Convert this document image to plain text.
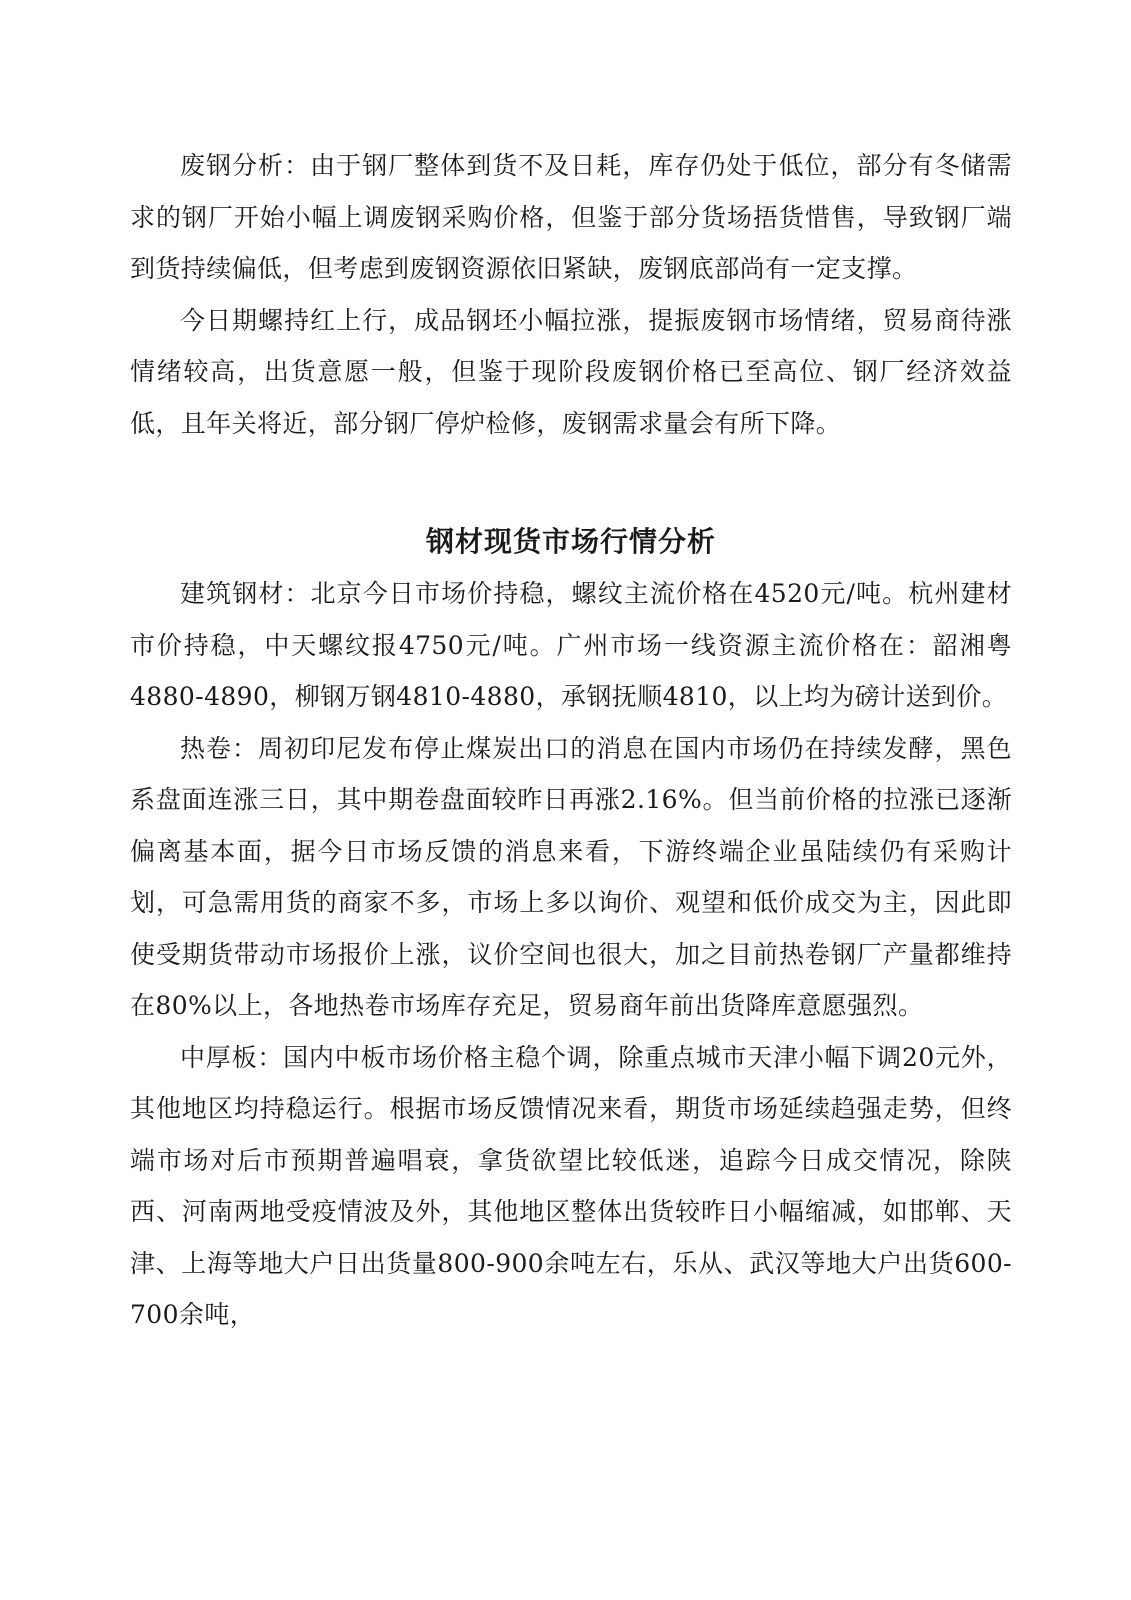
废钢分析：由于钢厂整体到货不及日耗，库存仍处于低位，部分有冬储需求的钢厂开始小幅上调废钢采购价格，但鉴于部分货场捂货惜售，导致钢厂端到货持续偏低，但考虑到废钢资源依旧紧缺，废钢底部尚有一定支撑。

今日期螺持红上行，成品钢坯小幅拉涨，提振废钢市场情绪，贸易商待涨情绪较高，出货意愿一般，但鉴于现阶段废钢价格已至高位、钢厂经济效益低，且年关将近，部分钢厂停炉检修，废钢需求量会有所下降。

钢材现货市场行情分析

建筑钢材：北京今日市场价持稳，螺纹主流价格在4520元/吨。杭州建材市价持稳，中天螺纹报4750元/吨。广州市场一线资源主流价格在：韶湘粤4880-4890，柳钢万钢4810-4880，承钢抚顺4810，以上均为磅计送到价。

热卷：周初印尼发布停止煤炭出口的消息在国内市场仍在持续发酵，黑色系盘面连涨三日，其中期卷盘面较昨日再涨2.16%。但当前价格的拉涨已逐渐偏离基本面，据今日市场反馈的消息来看，下游终端企业虽陆续仍有采购计划，可急需用货的商家不多，市场上多以询价、观望和低价成交为主，因此即使受期货带动市场报价上涨，议价空间也很大，加之目前热卷钢厂产量都维持在80%以上，各地热卷市场库存充足，贸易商年前出货降库意愿强烈。

中厚板：国内中板市场价格主稳个调，除重点城市天津小幅下调20元外，其他地区均持稳运行。根据市场反馈情况来看，期货市场延续趋强走势，但终端市场对后市预期普遍唱衰，拿货欲望比较低迷，追踪今日成交情况，除陕西、河南两地受疫情波及外，其他地区整体出货较昨日小幅缩减，如邯郸、天津、上海等地大户日出货量800-900余吨左右，乐从、武汉等地大户出货600-700余吨，
